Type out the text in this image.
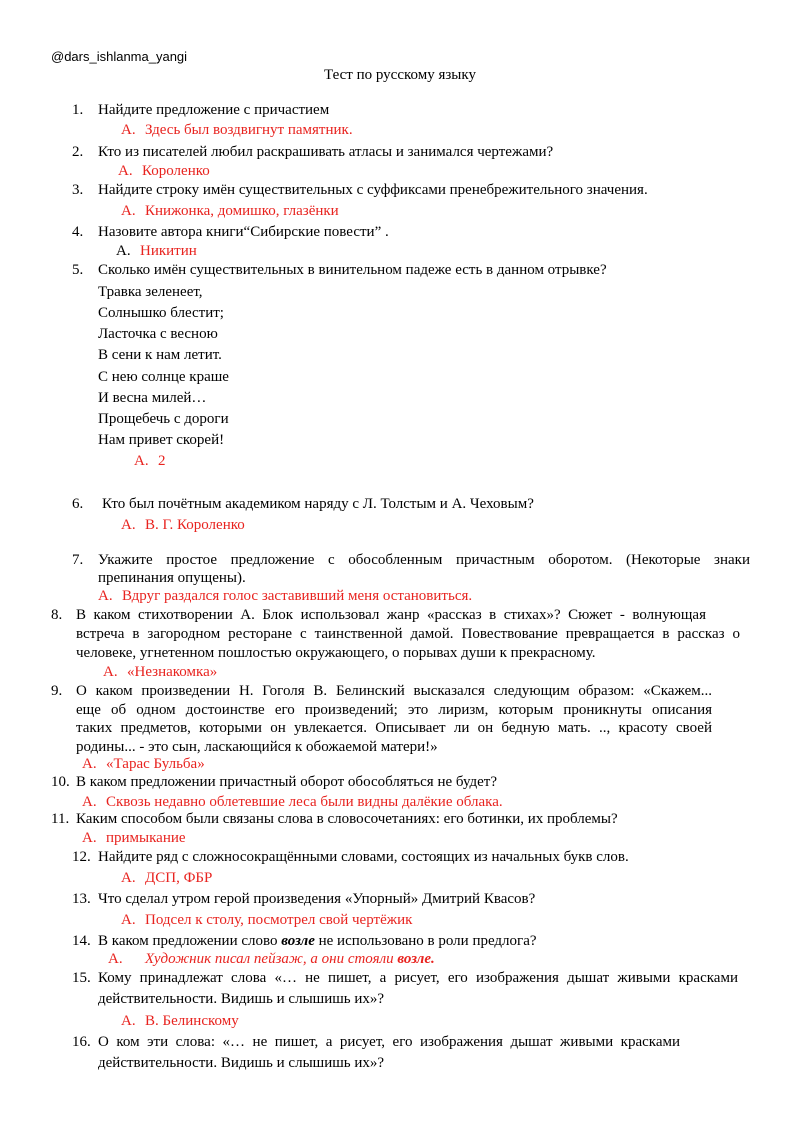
@dars_ishlanma_yangi
Тест по русскому языку
1. Найдите предложение с причастием
А. Здесь был воздвигнут памятник.
2. Кто из писателей любил раскрашивать атласы и занимался чертежами?
А. Короленко
3. Найдите строку имён существительных с суффиксами пренебрежительного значения.
А. Книжонка, домишко, глазёнки
4. Назовите автора книги“Сибирские повести” .
А. Никитин
5. Сколько имён существительных в винительном падеже есть в данном отрывке?
Травка зеленеет,
Солнышко блестит;
Ласточка с весною
В сени к нам летит.
С нею солнце краше
И весна милей…
Прощебечь с дороги
Нам привет скорей!
А. 2
6. Кто был почётным академиком наряду с Л. Толстым и А. Чеховым?
А. В. Г. Короленко
7. Укажите простое предложение с обособленным причастным оборотом. (Некоторые знаки
препинания опущены).
А. Вдруг раздался голос заставивший меня остановиться.
8. В каком стихотворении А. Блок использовал жанр «рассказ в стихах»? Сюжет - волнующая
встреча в загородном ресторане с таинственной дамой. Повествование превращается в рассказ о
человеке, угнетенном пошлостью окружающего, о порывах души к прекрасному.
А. «Незнакомка»
9. О каком произведении Н. Гоголя В. Белинский высказался следующим образом: «Скажем...
еще об одном достоинстве его произведений; это лиризм, которым проникнуты описания
таких предметов, которыми он увлекается. Описывает ли он бедную мать. .., красоту своей
родины... - это сын, ласкающийся к обожаемой матери!»
А. «Тарас Бульба»
10. В каком предложении причастный оборот обособляться не будет?
А. Сквозь недавно облетевшие леса были видны далёкие облака.
11. Каким способом были связаны слова в словосочетаниях: его ботинки, их проблемы?
А. примыкание
12. Найдите ряд с сложносокращёнными словами, состоящих из начальных букв слов.
А. ДСП, ФБР
13. Что сделал утром герой произведения «Упорный» Дмитрий Квасов?
А. Подсел к столу, посмотрел свой чертёжик
14. В каком предложении слово возле не использовано в роли предлога?
А. Художник писал пейзаж, а они стояли возле.
15. Кому принадлежат слова «… не пишет, а рисует, его изображения дышат живыми красками
действительности. Видишь и слышишь их»?
А. В. Белинскому
16. О ком эти слова: «… не пишет, а рисует, его изображения дышат живыми красками
действительности. Видишь и слышишь их»?
